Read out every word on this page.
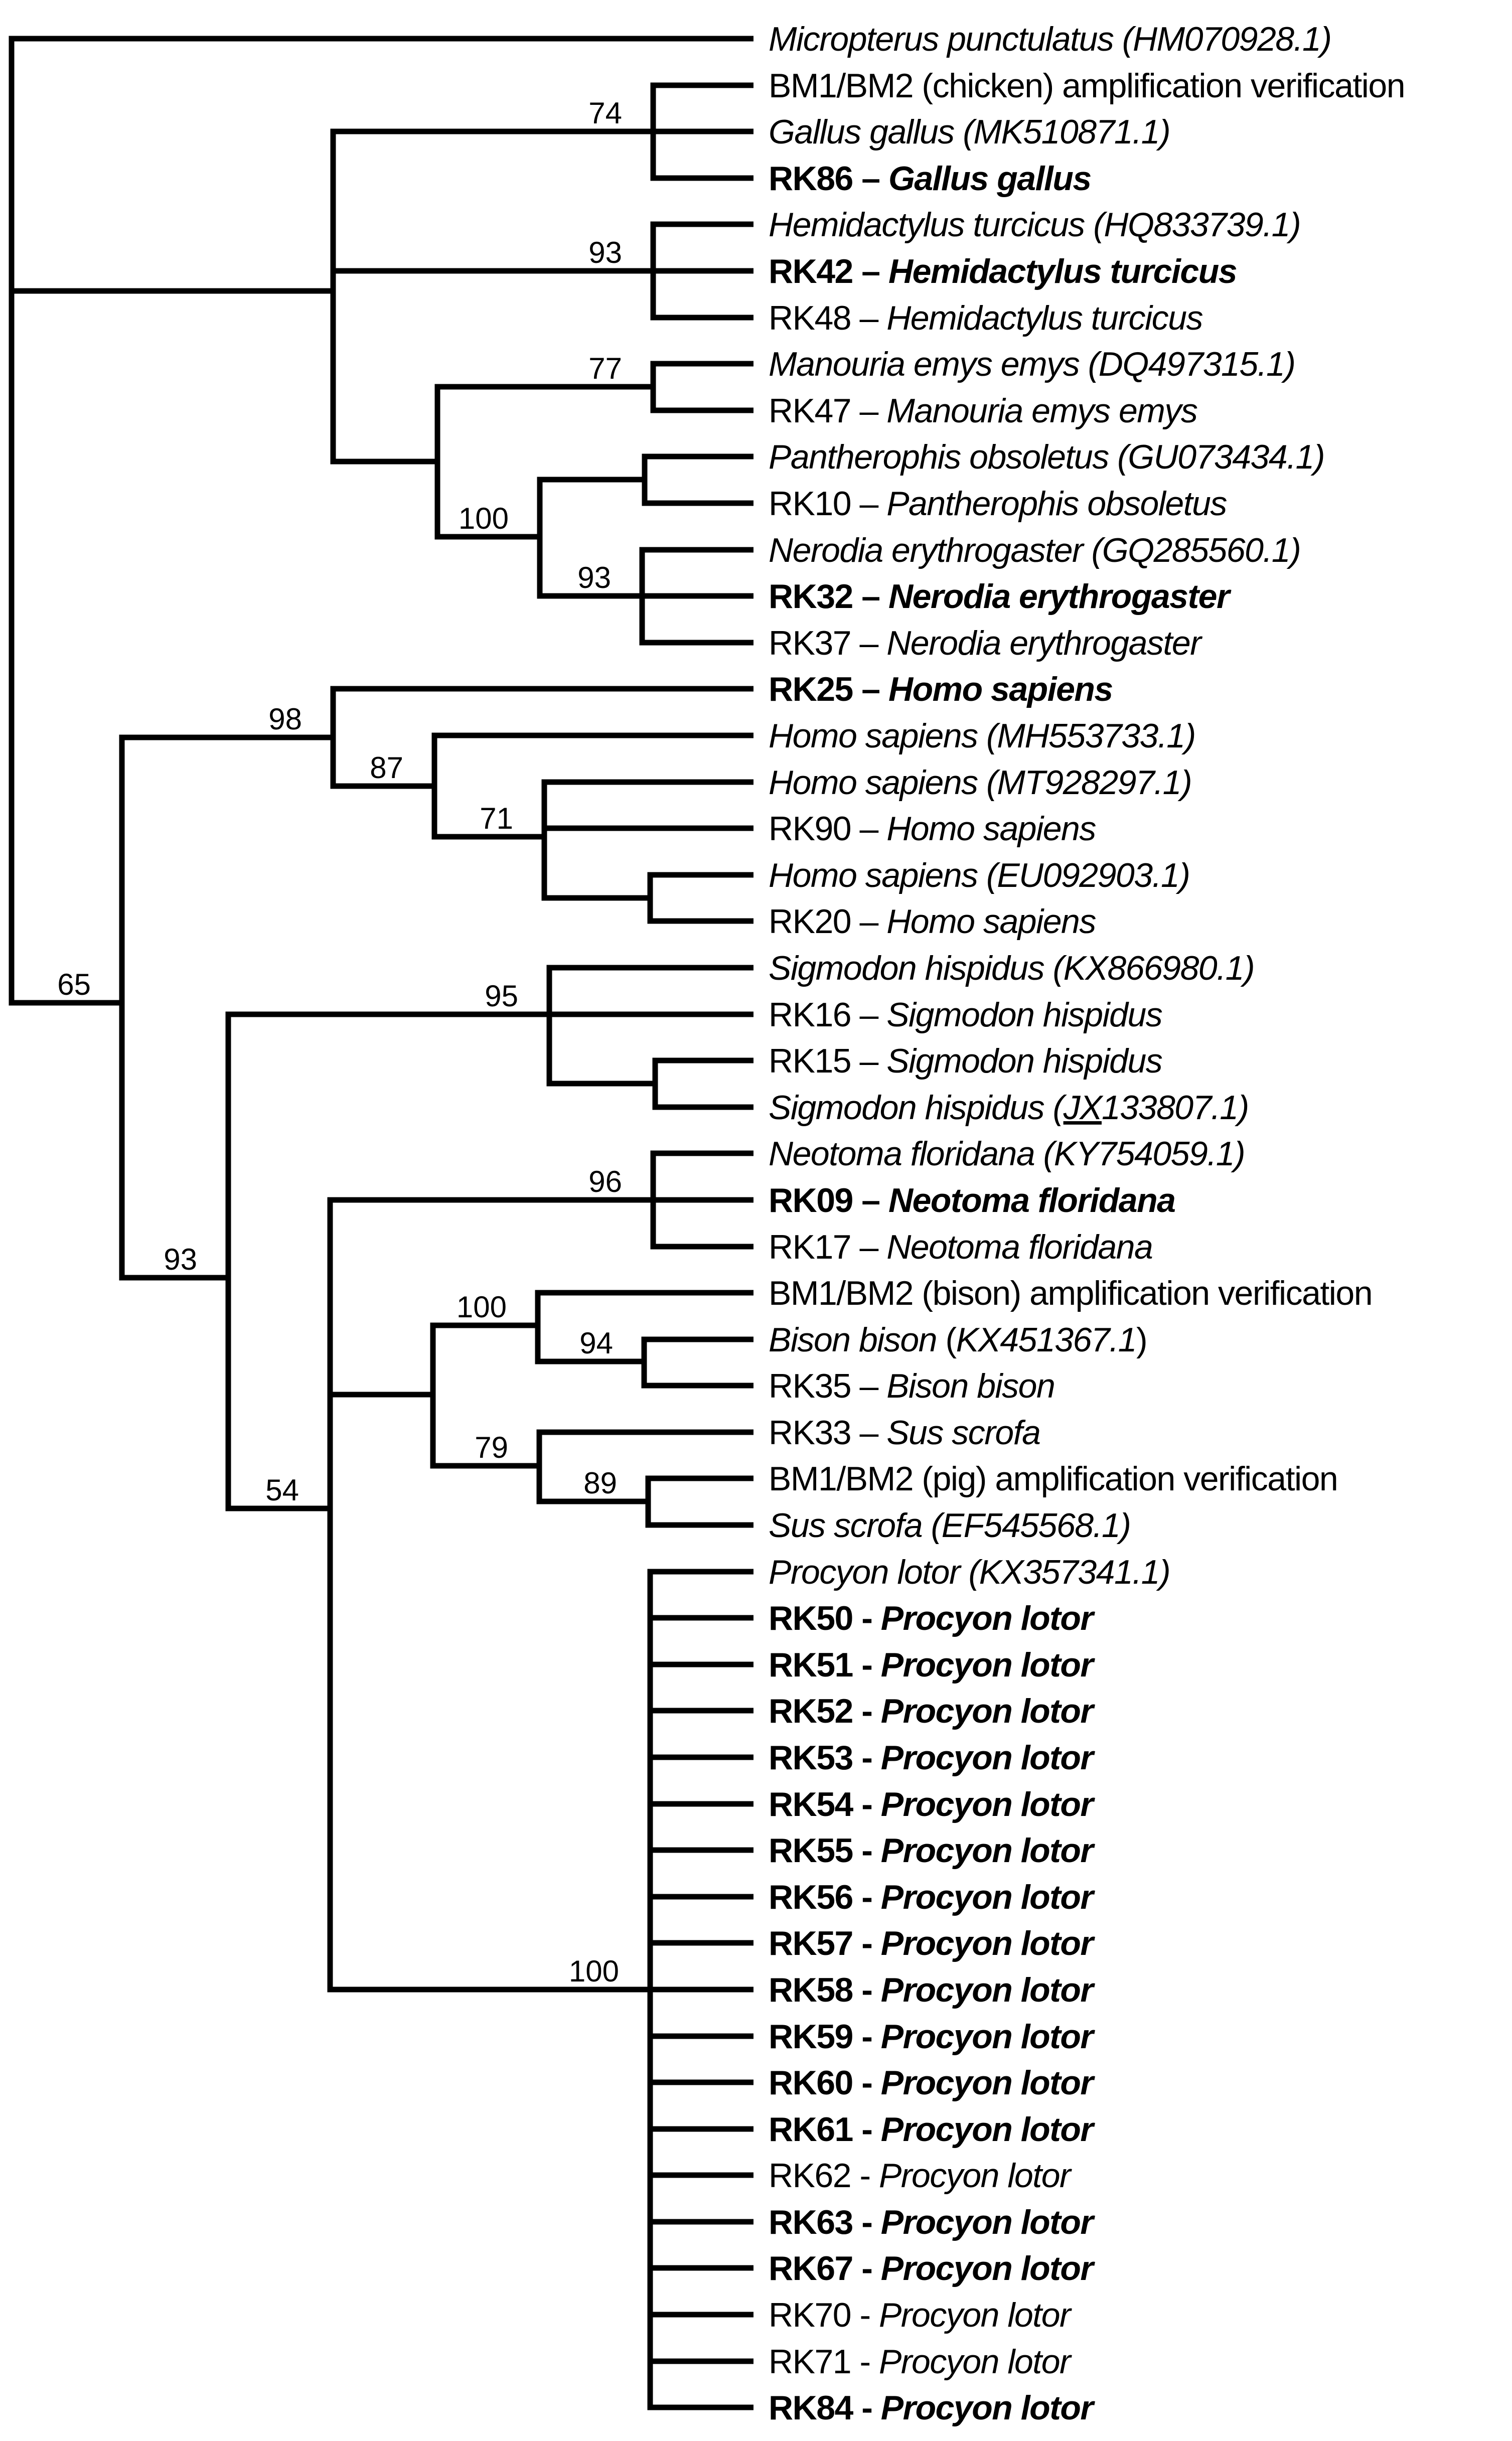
Micropterus punctulatus (HM070928.1)
74
BM1/BM2 (chicken) amplification verification
Gallus gallus (MK510871.1)
RK86 – Gallus gallus
93
Hemidactylus turcicus (HQ833739.1)
RK42 – Hemidactylus turcicus
RK48 – Hemidactylus turcicus
77	Manouria emys emys (DQ497315.1)
RK47 – Manouria emys emys
100
Pantherophis obsoletus (GU073434.1)
RK10 – Pantherophis obsoletus
93
Nerodia erythrogaster (GQ285560.1)
RK32 – Nerodia erythrogaster
RK37 – Nerodia erythrogaster
65
98
RK25 – Homo sapiens
87
Homo sapiens (MH553733.1)
71
Homo sapiens (MT928297.1)
RK90 – Homo sapiens
Homo sapiens (EU092903.1)
RK20 – Homo sapiens
93
95
Sigmodon hispidus (KX866980.1)
RK16 – Sigmodon hispidus
RK15 – Sigmodon hispidus
Sigmodon hispidus (JX133807.1)
54
96
Neotoma floridana (KY754059.1)
RK09 – Neotoma floridana
RK17 – Neotoma floridana
100	BM1/BM2 (bison) amplification verification
94	Bison bison (KX451367.1)
RK35 – Bison bison
79	RK33 – Sus scrofa
89	BM1/BM2 (pig) amplification verification
Sus scrofa (EF545568.1)
100
Procyon lotor (KX357341.1)
RK50 - Procyon lotor
RK51 - Procyon lotor
RK52 - Procyon lotor
RK53 - Procyon lotor
RK54 - Procyon lotor
RK55 - Procyon lotor
RK56 - Procyon lotor
RK57 - Procyon lotor
RK58 - Procyon lotor
RK59 - Procyon lotor
RK60 - Procyon lotor
RK61 - Procyon lotor
RK62 - Procyon lotor
RK63 - Procyon lotor
RK67 - Procyon lotor
RK70 - Procyon lotor
RK71 - Procyon lotor
RK84 - Procyon lotor
